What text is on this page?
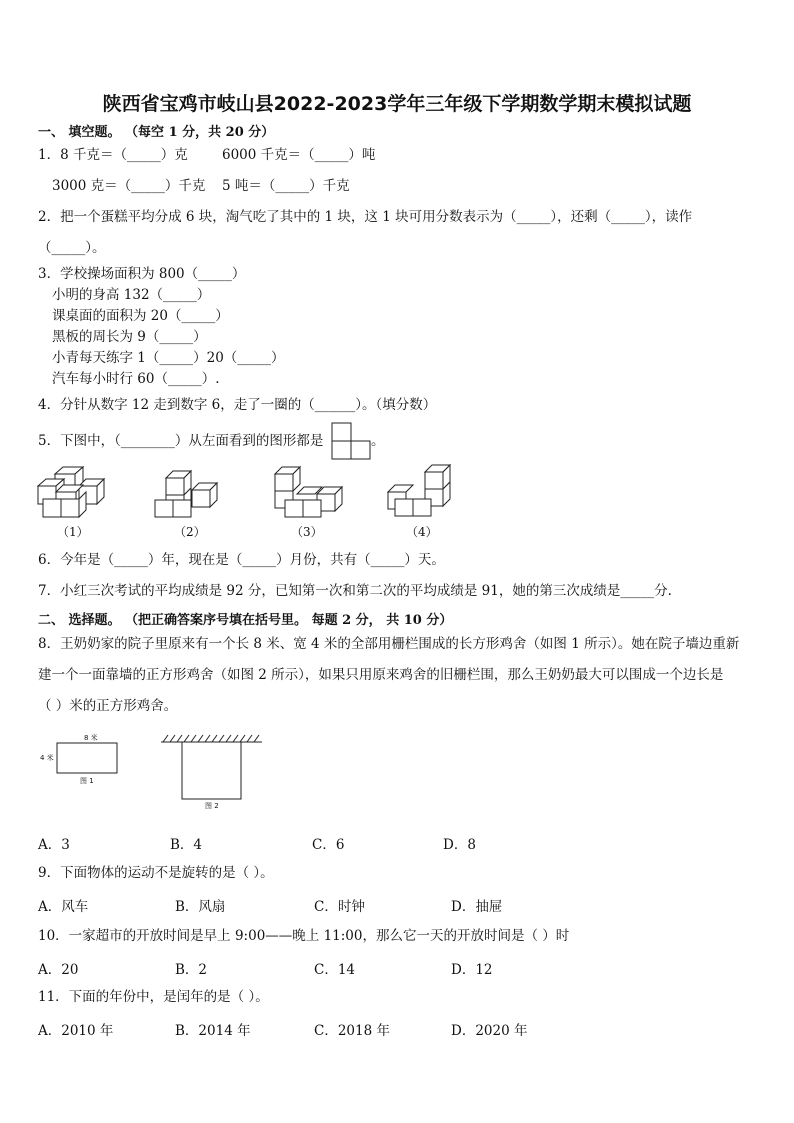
陕西省宝鸡市岐山县2022-2023学年三年级下学期数学期末模拟试题
一、 填空题。 （每空 1 分，共 20 分）
1．8 千克＝（_____）克	6000 千克＝（_____）吨
3000 克＝（_____）千克 5 吨＝（_____）千克
2．把一个蛋糕平均分成 6 块，淘气吃了其中的 1 块，这 1 块可用分数表示为（_____），还剩（_____），读作
（_____）。
3．学校操场面积为 800（_____）
小明的身高 132（_____）
课桌面的面积为 20（_____）
黑板的周长为 9（_____）
小青每天练字 1（_____）20（_____）
汽车每小时行 60（_____）.
4．分针从数字 12 走到数字 6，走了一圈的（______）。（填分数）
5．下图中，（________）从左面看到的图形都是	。
（1）	（2）	（3）	（4）
6．今年是（_____）年，现在是（_____）月份，共有（_____）天。
7．小红三次考试的平均成绩是 92 分，已知第一次和第二次的平均成绩是 91，她的第三次成绩是_____分.
二、 选择题。 （把正确答案序号填在括号里。 每题 2 分， 共 10 分）
8．王奶奶家的院子里原来有一个长 8 米、宽 4 米的全部用栅栏围成的长方形鸡舍（如图 1 所示）。她在院子墙边重新
建一个一面靠墙的正方形鸡舍（如图 2 所示），如果只用原来鸡舍的旧栅栏围，那么王奶奶最大可以围成一个边长是
（ ）米的正方形鸡舍。
8 米
4 米
图 1
图 2
A．3	B．4	C．6	D．8
9．下面物体的运动不是旋转的是（ ）。
A．风车	B．风扇	C．时钟	D．抽屉
10．一家超市的开放时间是早上 9:00——晚上 11:00，那么它一天的开放时间是（ ）时
A．20	B．2	C．14	D．12
11．下面的年份中，是闰年的是（ ）。
A．2010 年	B．2014 年	C．2018 年	D．2020 年
